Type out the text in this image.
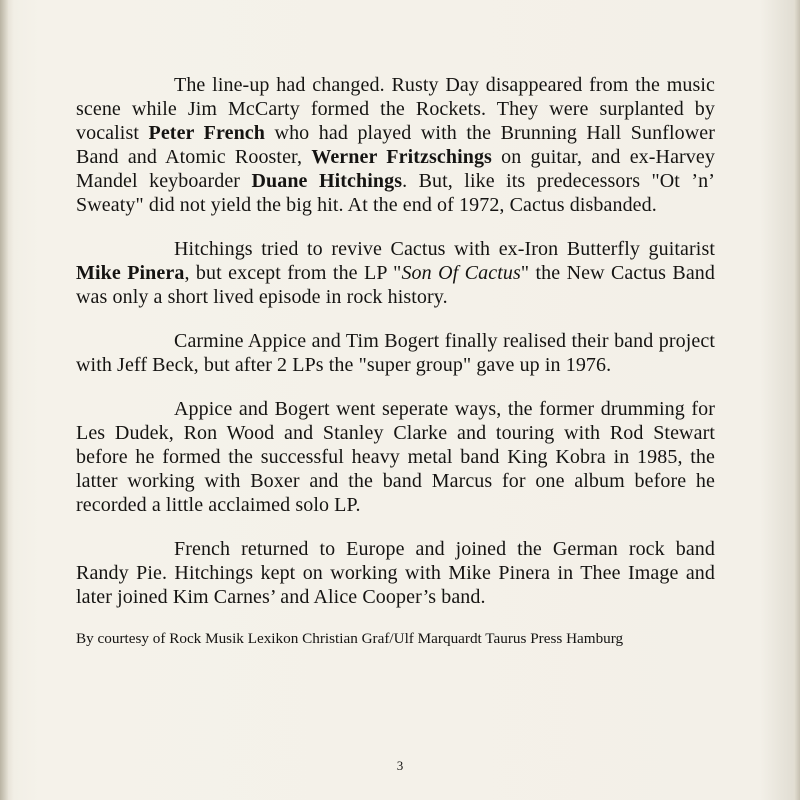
The line-up had changed. Rusty Day disappeared from the music scene while Jim McCarty formed the Rockets. They were surplanted by vocalist Peter French who had played with the Brunning Hall Sunflower Band and Atomic Rooster, Werner Fritzschings on guitar, and ex-Harvey Mandel keyboarder Duane Hitchings. But, like its predecessors "Ot ’n’ Sweaty" did not yield the big hit. At the end of 1972, Cactus disbanded.

Hitchings tried to revive Cactus with ex-Iron Butterfly guitarist Mike Pinera, but except from the LP "Son Of Cactus" the New Cactus Band was only a short lived episode in rock history.

Carmine Appice and Tim Bogert finally realised their band project with Jeff Beck, but after 2 LPs the "super group" gave up in 1976.

Appice and Bogert went seperate ways, the former drumming for Les Dudek, Ron Wood and Stanley Clarke and touring with Rod Stewart before he formed the successful heavy metal band King Kobra in 1985, the latter working with Boxer and the band Marcus for one album before he recorded a little acclaimed solo LP.

French returned to Europe and joined the German rock band Randy Pie. Hitchings kept on working with Mike Pinera in Thee Image and later joined Kim Carnes’ and Alice Cooper’s band.

By courtesy of Rock Musik Lexikon Christian Graf/Ulf Marquardt Taurus Press Hamburg

3
